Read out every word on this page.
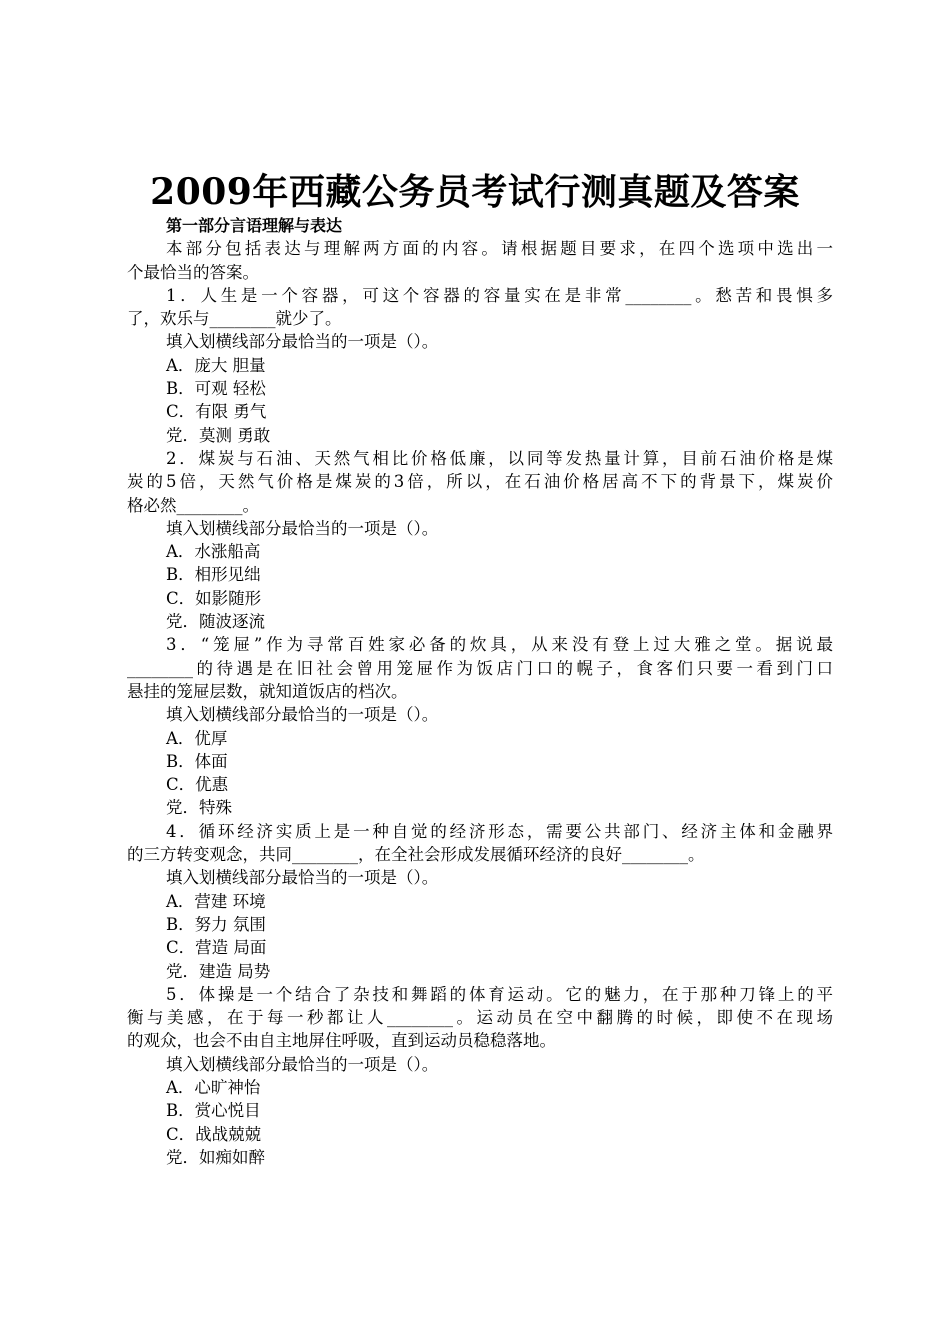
2009年西藏公务员考试行测真题及答案
第一部分言语理解与表达
本部分包括表达与理解两方面的内容。请根据题目要求，在四个选项中选出一
个最恰当的答案。
1．人生是一个容器，可这个容器的容量实在是非常________。愁苦和畏惧多
了，欢乐与________就少了。
填入划横线部分最恰当的一项是（）。
A．庞大 胆量
B．可观 轻松
C．有限 勇气
党．莫测 勇敢
2．煤炭与石油、天然气相比价格低廉，以同等发热量计算，目前石油价格是煤
炭的5倍，天然气价格是煤炭的3倍，所以，在石油价格居高不下的背景下，煤炭价
格必然________。
填入划横线部分最恰当的一项是（）。
A．水涨船高
B．相形见绌
C．如影随形
党．随波逐流
3．“笼屉”作为寻常百姓家必备的炊具，从来没有登上过大雅之堂。据说最
________的待遇是在旧社会曾用笼屉作为饭店门口的幌子，食客们只要一看到门口
悬挂的笼屉层数，就知道饭店的档次。
填入划横线部分最恰当的一项是（）。
A．优厚
B．体面
C．优惠
党．特殊
4．循环经济实质上是一种自觉的经济形态，需要公共部门、经济主体和金融界
的三方转变观念，共同________，在全社会形成发展循环经济的良好________。
填入划横线部分最恰当的一项是（）。
A．营建 环境
B．努力 氛围
C．营造 局面
党．建造 局势
5．体操是一个结合了杂技和舞蹈的体育运动。它的魅力，在于那种刀锋上的平
衡与美感，在于每一秒都让人________。运动员在空中翻腾的时候，即使不在现场
的观众，也会不由自主地屏住呼吸，直到运动员稳稳落地。
填入划横线部分最恰当的一项是（）。
A．心旷神怡
B．赏心悦目
C．战战兢兢
党．如痴如醉
